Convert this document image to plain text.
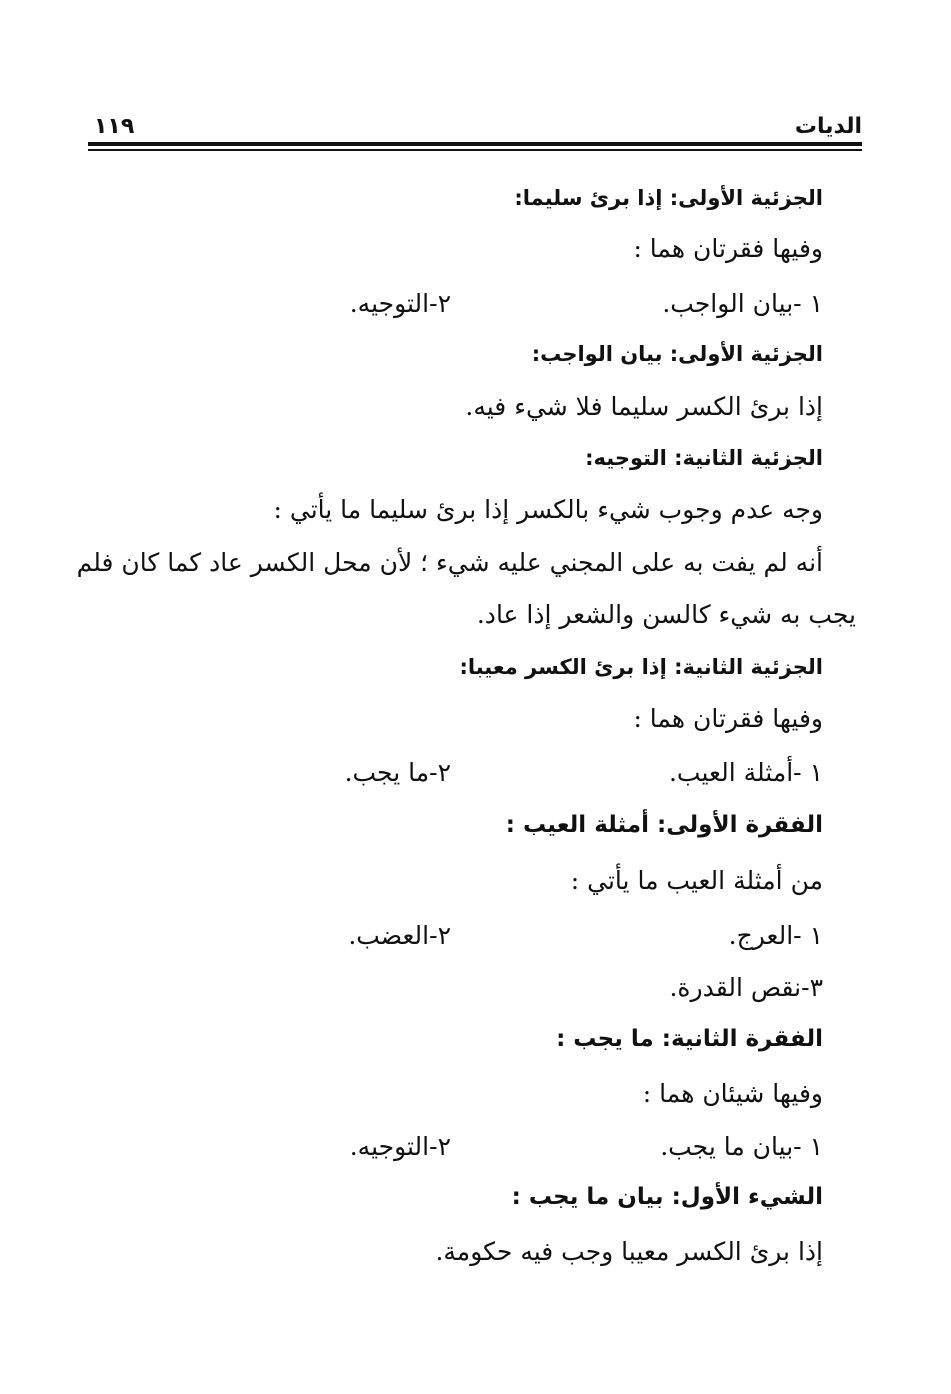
الديات
١١٩
الجزئية الأولى: إذا برئ سليما:
وفيها فقرتان هما :
١ -بيان الواجب.
٢-التوجيه.
الجزئية الأولى: بيان الواجب:
إذا برئ الكسر سليما فلا شيء فيه.
الجزئية الثانية: التوجيه:
وجه عدم وجوب شيء بالكسر إذا برئ سليما ما يأتي :
أنه لم يفت به على المجني عليه شيء ؛ لأن محل الكسر عاد كما كان فلم
يجب به شيء كالسن والشعر إذا عاد.
الجزئية الثانية: إذا برئ الكسر معيبا:
وفيها فقرتان هما :
١ -أمثلة العيب.
٢-ما يجب.
الفقرة الأولى: أمثلة العيب :
من أمثلة العيب ما يأتي :
١ -العرج.
٢-العضب.
٣-نقص القدرة.
الفقرة الثانية: ما يجب :
وفيها شيئان هما :
١ -بيان ما يجب.
٢-التوجيه.
الشيء الأول: بيان ما يجب :
إذا برئ الكسر معيبا وجب فيه حكومة.
